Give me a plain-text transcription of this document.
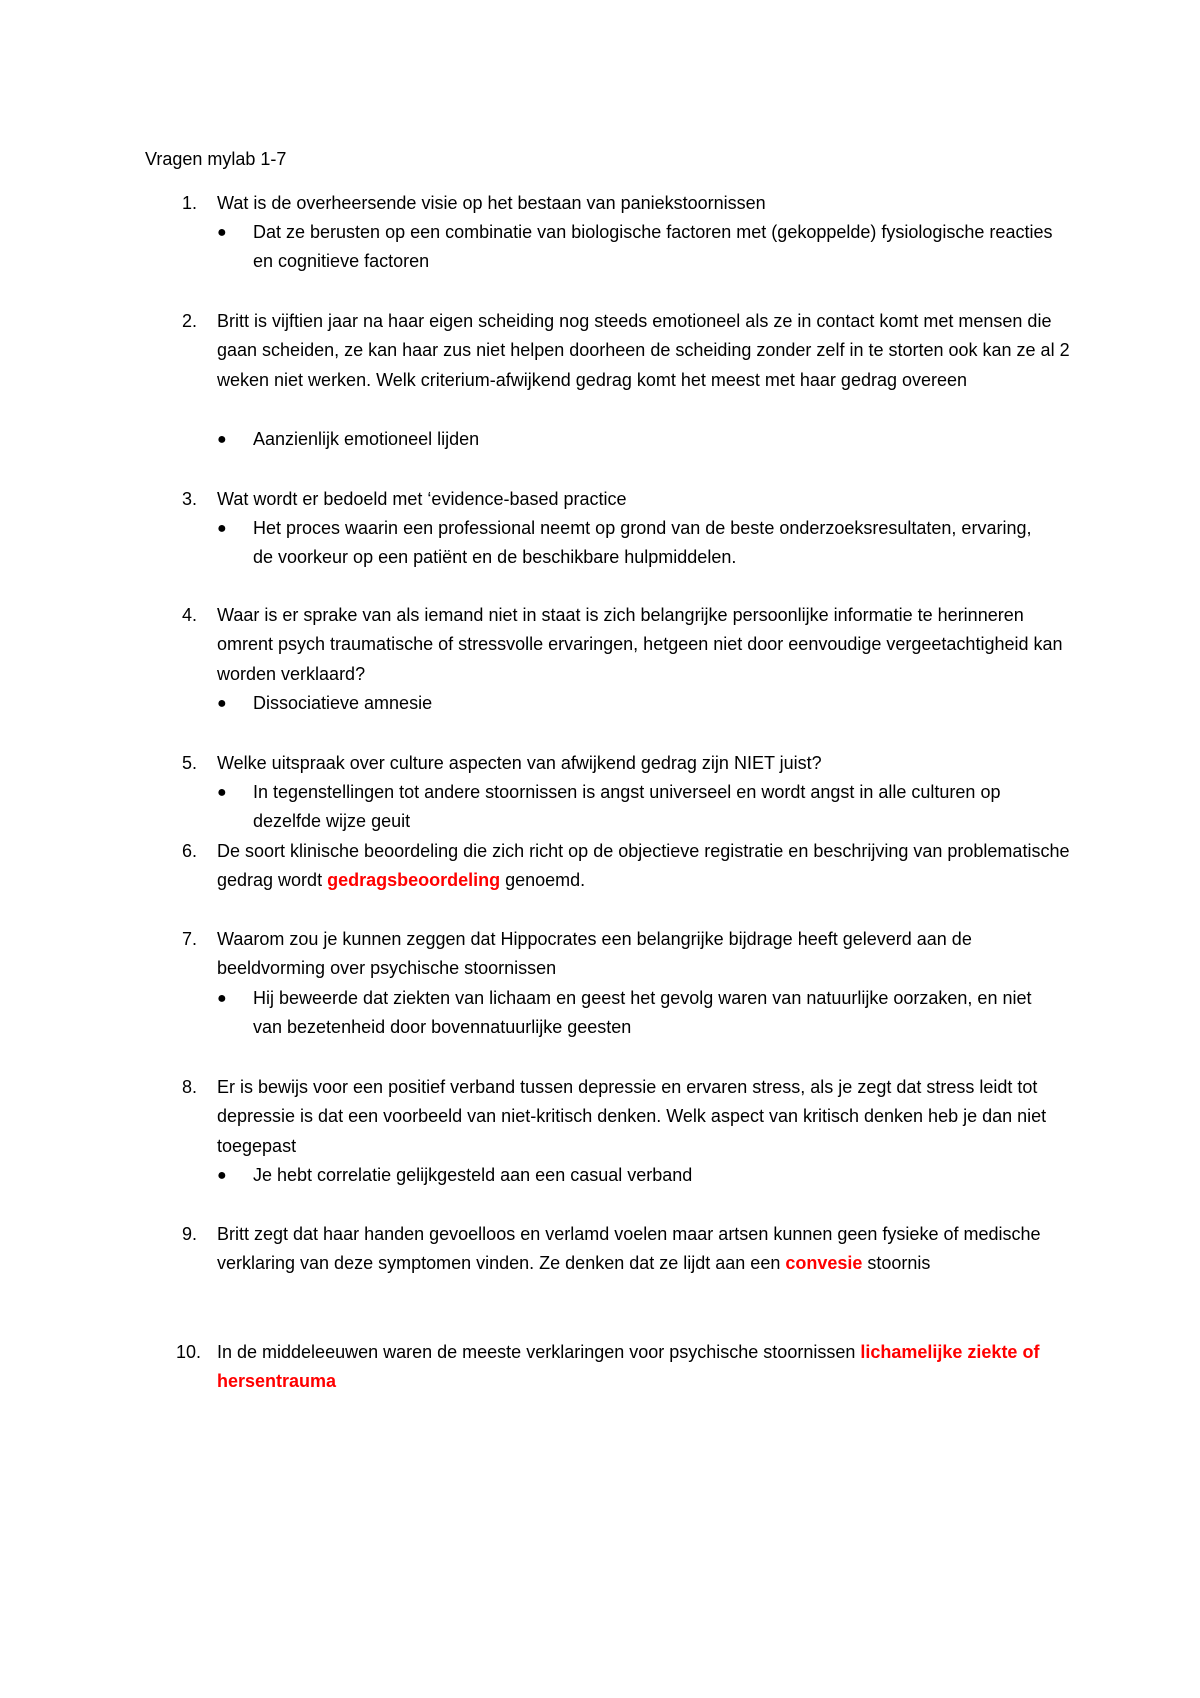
Vragen mylab 1-7
1. Wat is de overheersende visie op het bestaan van paniekstoornissen

● Dat ze berusten op een combinatie van biologische factoren met (gekoppelde) fysiologische reacties en cognitieve factoren

2. Britt is vijftien jaar na haar eigen scheiding nog steeds emotioneel als ze in contact komt met mensen die gaan scheiden, ze kan haar zus niet helpen doorheen de scheiding zonder zelf in te storten ook kan ze al 2 weken niet werken. Welk criterium-afwijkend gedrag komt het meest met haar gedrag overeen

● Aanzienlijk emotioneel lijden

3. Wat wordt er bedoeld met ‘evidence-based practice

● Het proces waarin een professional neemt op grond van de beste onderzoeksresultaten, ervaring, de voorkeur op een patiënt en de beschikbare hulpmiddelen.

4. Waar is er sprake van als iemand niet in staat is zich belangrijke persoonlijke informatie te herinneren omrent psych traumatische of stressvolle ervaringen, hetgeen niet door eenvoudige vergeetachtigheid kan worden verklaard?

● Dissociatieve amnesie

5. Welke uitspraak over culture aspecten van afwijkend gedrag zijn NIET juist?

● In tegenstellingen tot andere stoornissen is angst universeel en wordt angst in alle culturen op dezelfde wijze geuit

6. De soort klinische beoordeling die zich richt op de objectieve registratie en beschrijving van problematische gedrag wordt gedragsbeoordeling genoemd.

7. Waarom zou je kunnen zeggen dat Hippocrates een belangrijke bijdrage heeft geleverd aan de beeldvorming over psychische stoornissen

● Hij beweerde dat ziekten van lichaam en geest het gevolg waren van natuurlijke oorzaken, en niet van bezetenheid door bovennatuurlijke geesten

8. Er is bewijs voor een positief verband tussen depressie en ervaren stress, als je zegt dat stress leidt tot depressie is dat een voorbeeld van niet-kritisch denken. Welk aspect van kritisch denken heb je dan niet toegepast

● Je hebt correlatie gelijkgesteld aan een casual verband

9. Britt zegt dat haar handen gevoelloos en verlamd voelen maar artsen kunnen geen fysieke of medische verklaring van deze symptomen vinden. Ze denken dat ze lijdt aan een convesie stoornis

10. In de middeleeuwen waren de meeste verklaringen voor psychische stoornissen lichamelijke ziekte of hersentrauma
